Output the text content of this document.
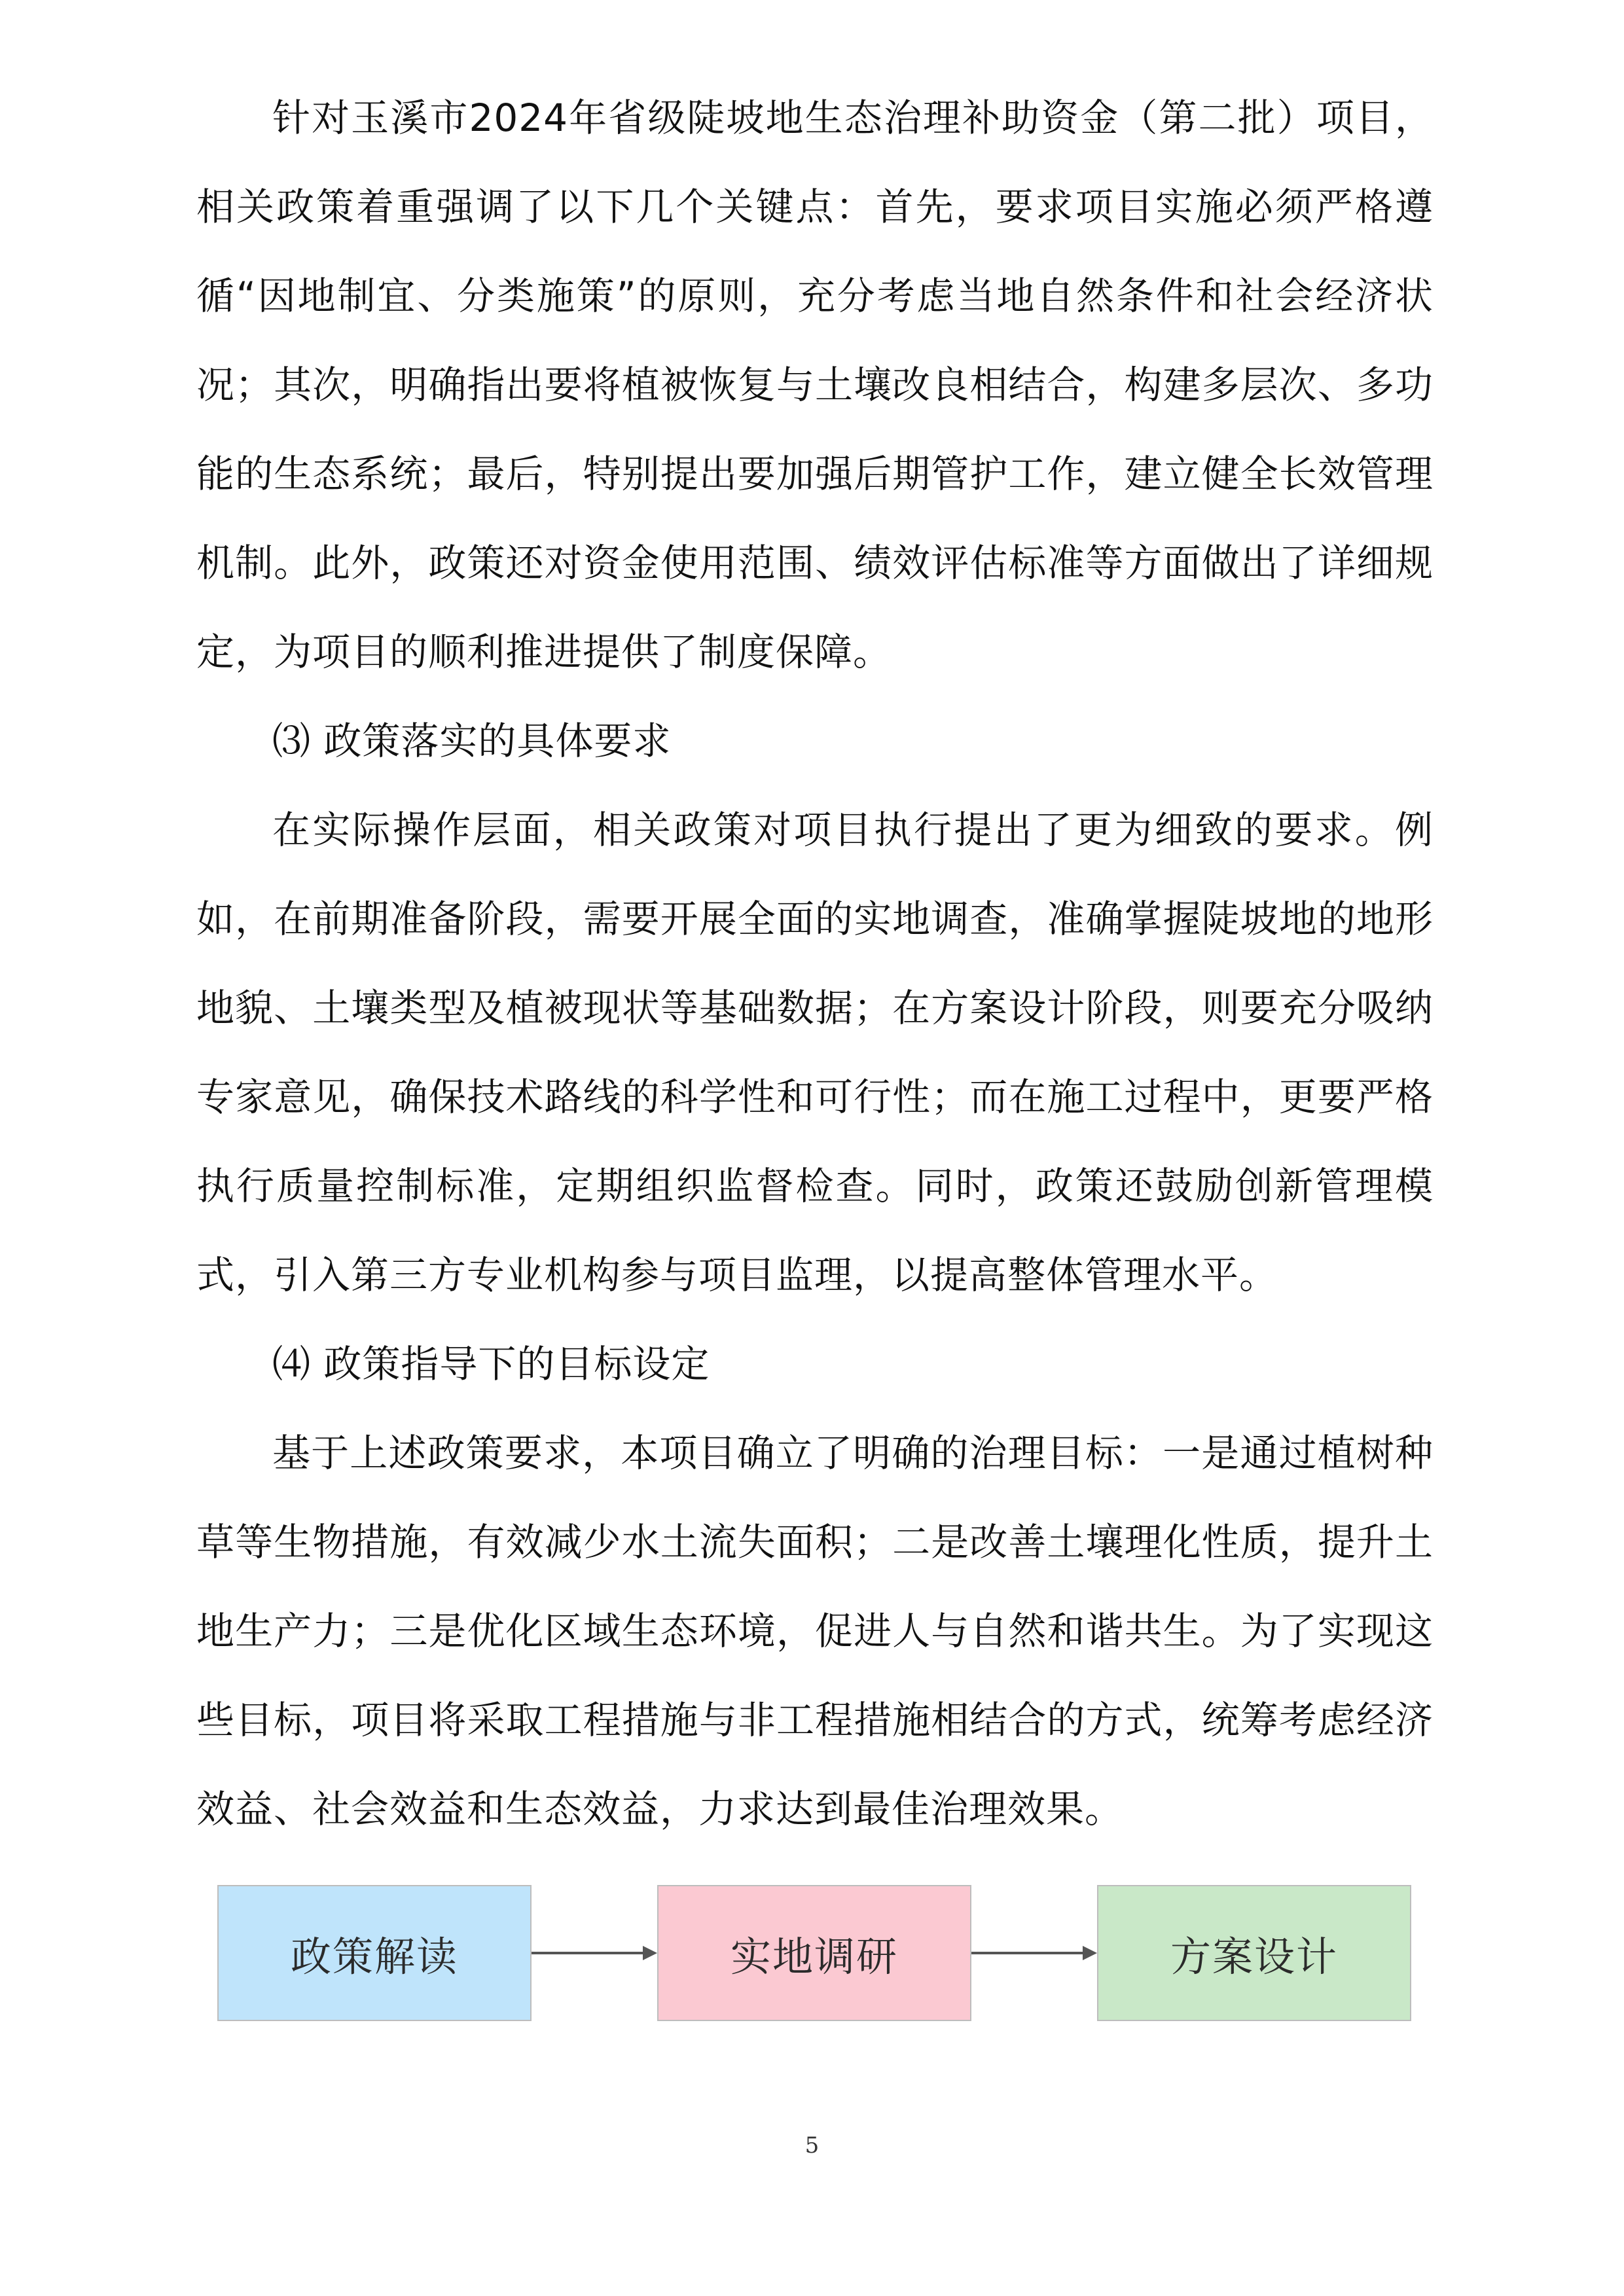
针对玉溪市2024年省级陡坡地生态治理补助资金（第二批）项目，相关政策着重强调了以下几个关键点：首先，要求项目实施必须严格遵循“因地制宜、分类施策”的原则，充分考虑当地自然条件和社会经济状况；其次，明确指出要将植被恢复与土壤改良相结合，构建多层次、多功能的生态系统；最后，特别提出要加强后期管护工作，建立健全长效管理机制。此外，政策还对资金使用范围、绩效评估标准等方面做出了详细规定，为项目的顺利推进提供了制度保障。

⑶ 政策落实的具体要求

在实际操作层面，相关政策对项目执行提出了更为细致的要求。例如，在前期准备阶段，需要开展全面的实地调查，准确掌握陡坡地的地形地貌、土壤类型及植被现状等基础数据；在方案设计阶段，则要充分吸纳专家意见，确保技术路线的科学性和可行性；而在施工过程中，更要严格执行质量控制标准，定期组织监督检查。同时，政策还鼓励创新管理模式，引入第三方专业机构参与项目监理，以提高整体管理水平。

⑷ 政策指导下的目标设定

基于上述政策要求，本项目确立了明确的治理目标：一是通过植树种草等生物措施，有效减少水土流失面积；二是改善土壤理化性质，提升土地生产力；三是优化区域生态环境，促进人与自然和谐共生。为了实现这些目标，项目将采取工程措施与非工程措施相结合的方式，统筹考虑经济效益、社会效益和生态效益，力求达到最佳治理效果。

政策解读	实地调研	方案设计
5
